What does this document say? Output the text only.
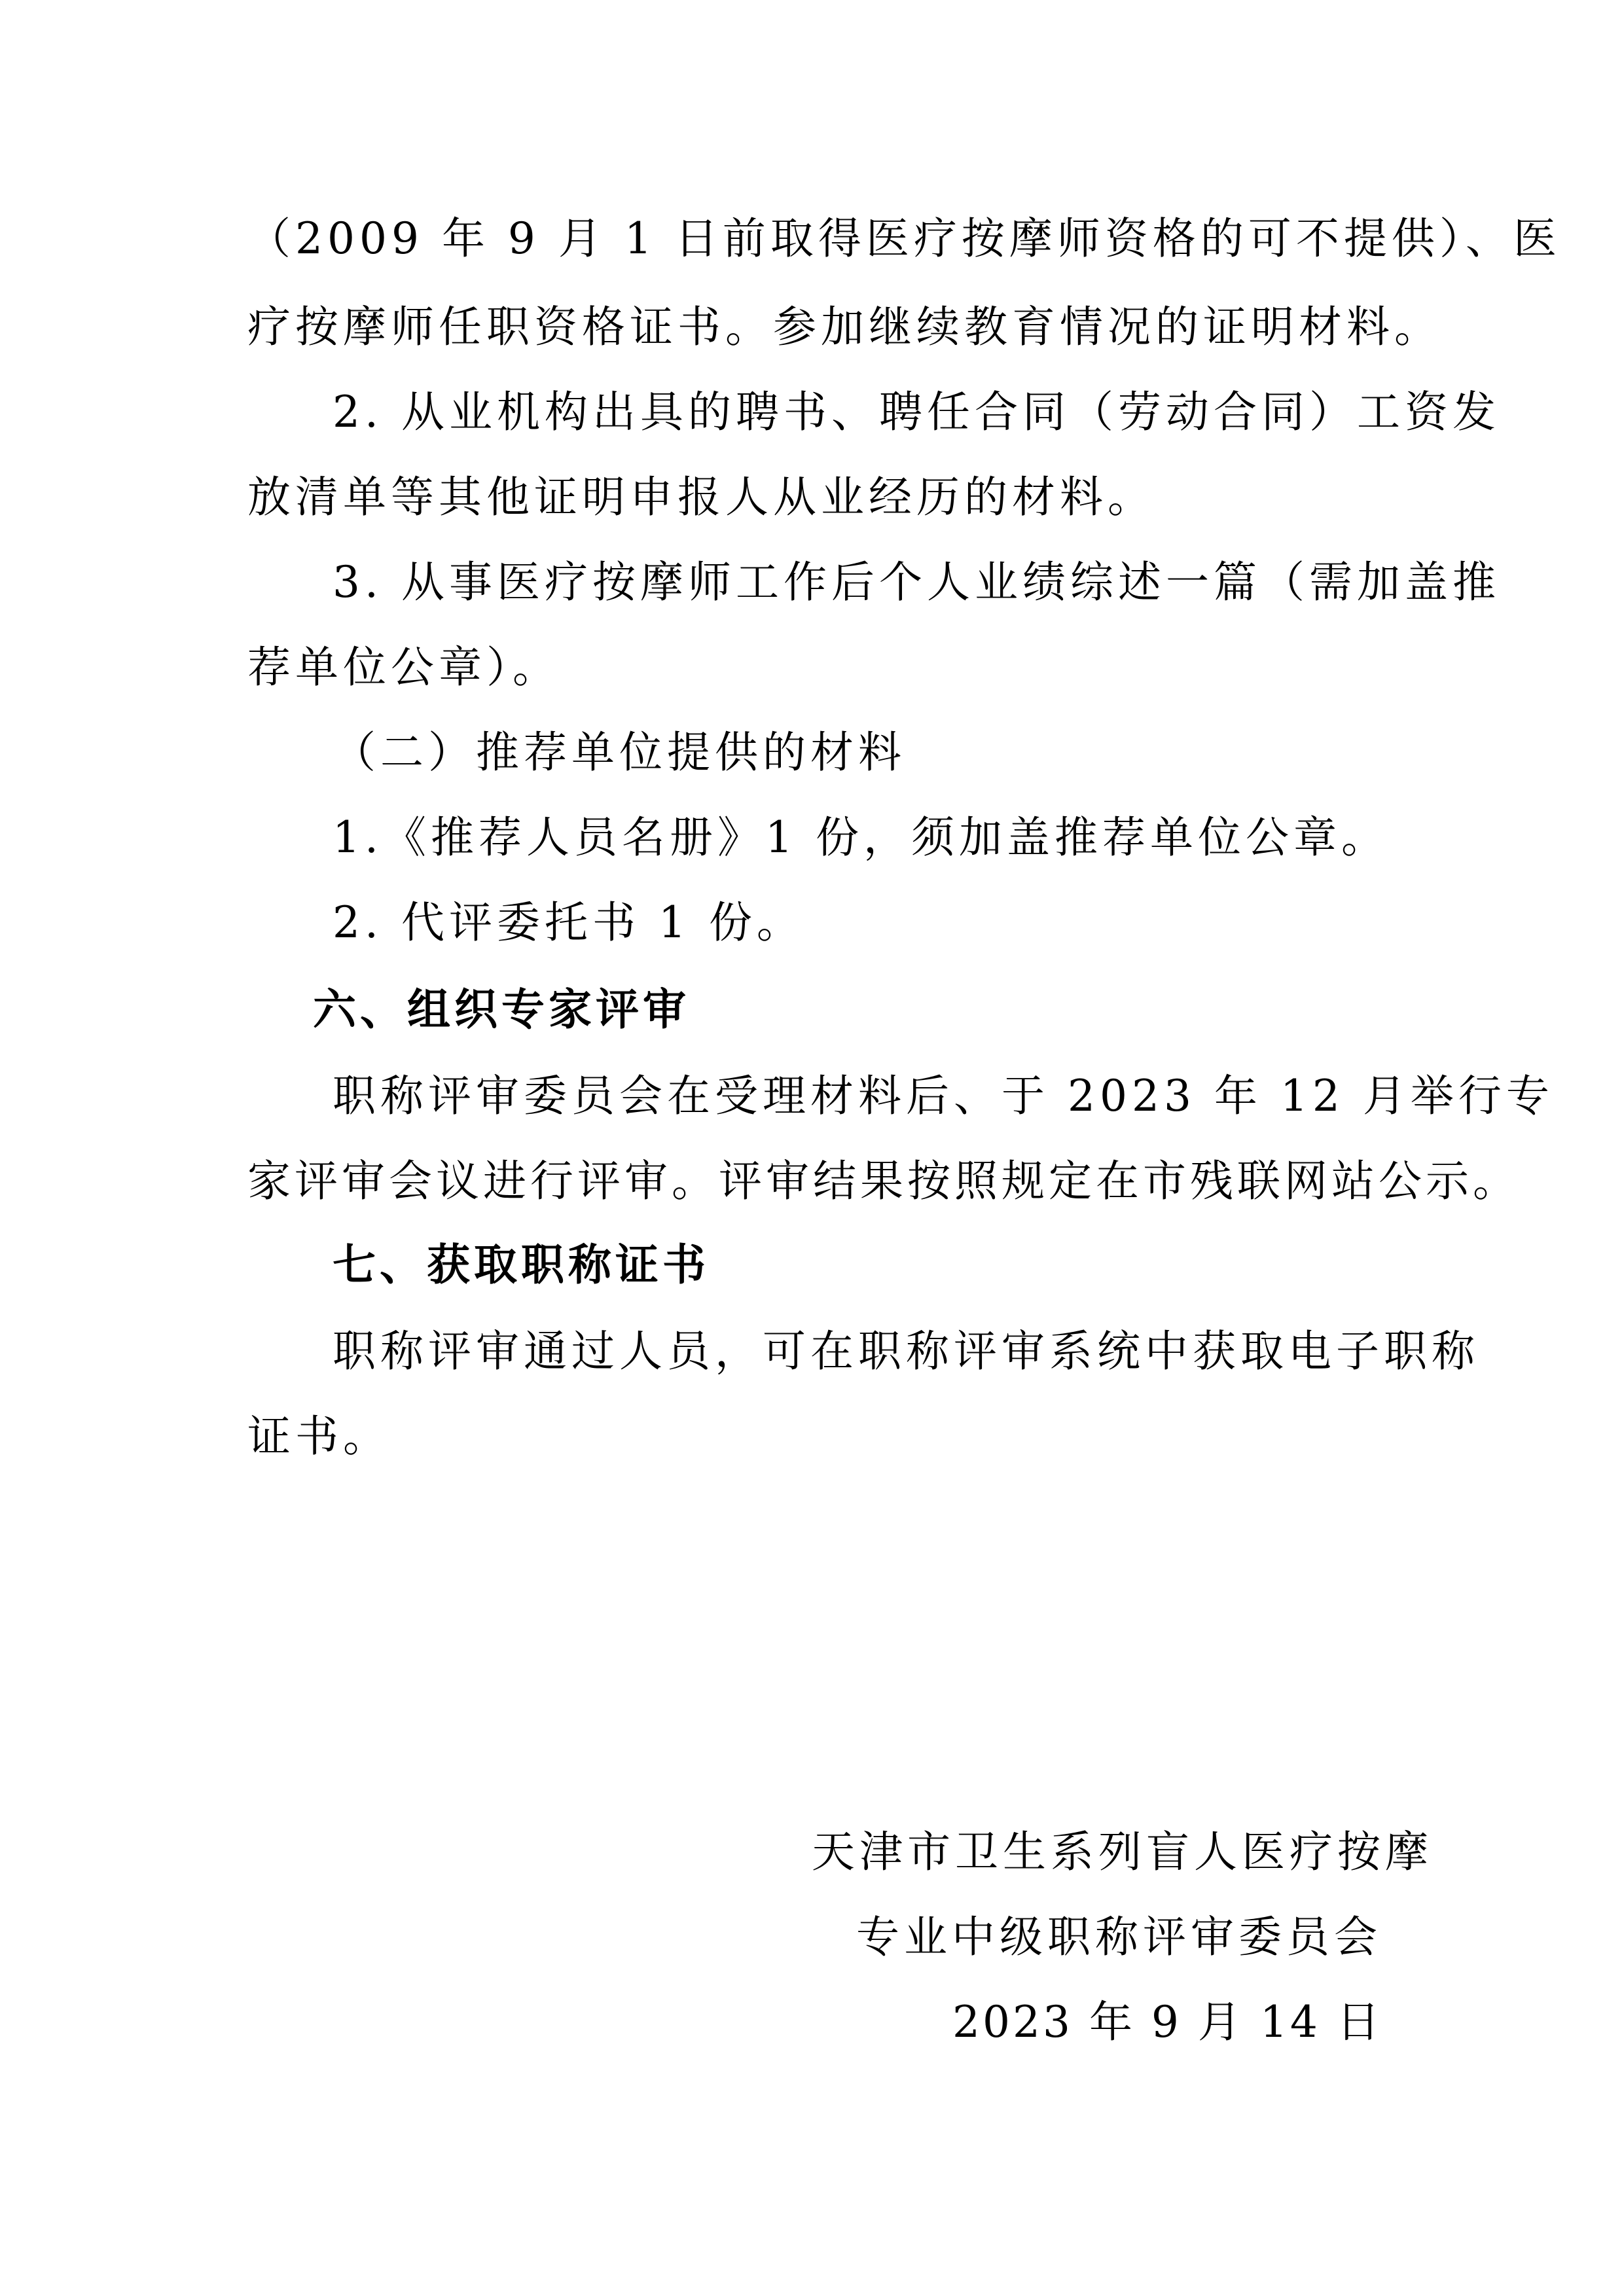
（2009 年 9 月 1 日前取得医疗按摩师资格的可不提供）、医
疗按摩师任职资格证书。参加继续教育情况的证明材料。
2. 从业机构出具的聘书、聘任合同（劳动合同）工资发
放清单等其他证明申报人从业经历的材料。
3. 从事医疗按摩师工作后个人业绩综述一篇（需加盖推
荐单位公章）。
（二）推荐单位提供的材料
1.《推荐人员名册》1 份，须加盖推荐单位公章。
2. 代评委托书 1 份。
六、组织专家评审
职称评审委员会在受理材料后、于 2023 年 12 月举行专
家评审会议进行评审。评审结果按照规定在市残联网站公示。
七、获取职称证书
职称评审通过人员，可在职称评审系统中获取电子职称
证书。
天津市卫生系列盲人医疗按摩
专业中级职称评审委员会
2023 年 9 月 14 日
